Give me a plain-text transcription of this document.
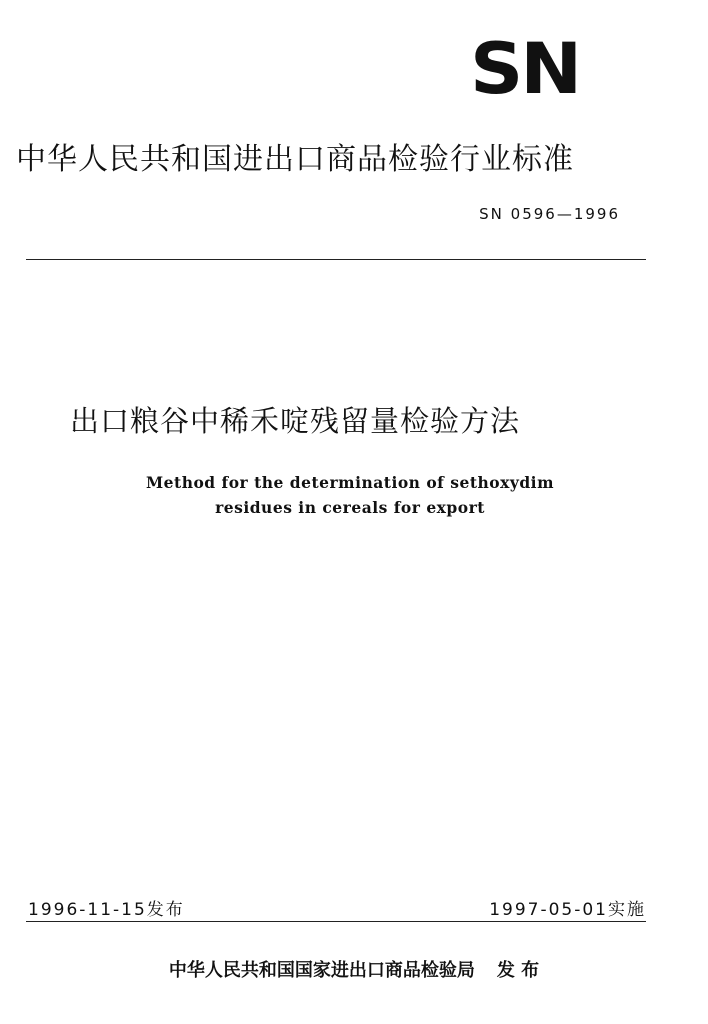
SN
中华人民共和国进出口商品检验行业标准
SN 0596—1996
出口粮谷中稀禾啶残留量检验方法
Method for the determination of sethoxydim
residues in cereals for export
1996-11-15发布	1997-05-01实施
中华人民共和国国家进出口商品检验局 发 布
